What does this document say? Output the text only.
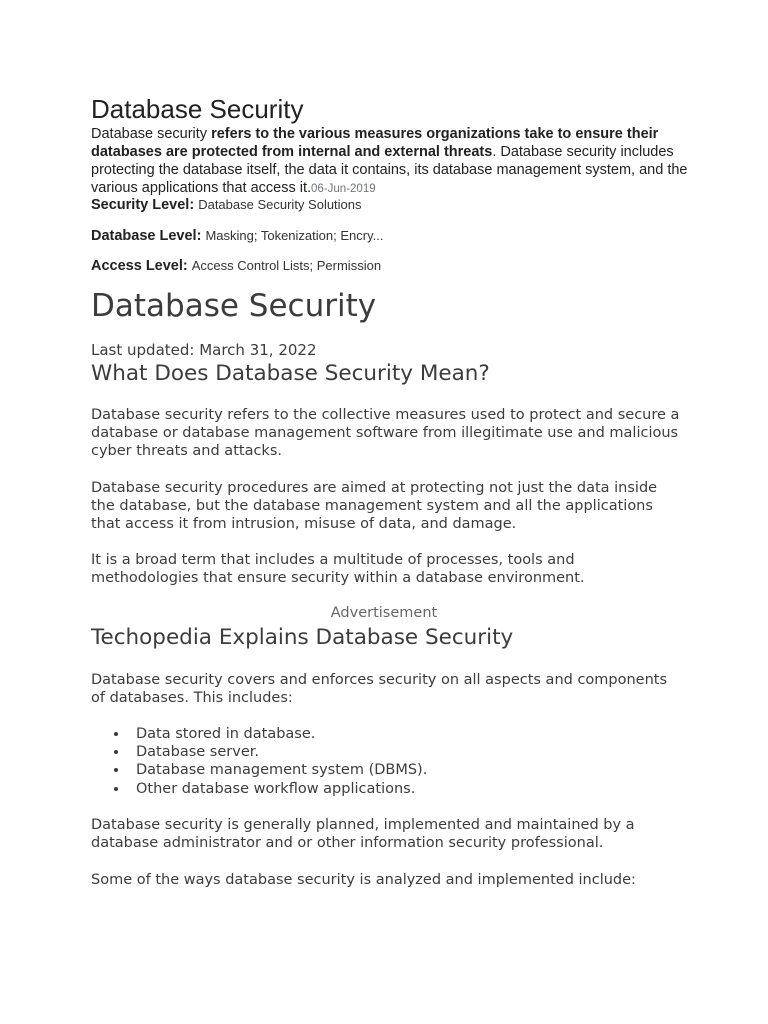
Database Security

Database security refers to the various measures organizations take to ensure their databases are protected from internal and external threats. Database security includes protecting the database itself, the data it contains, its database management system, and the various applications that access it.06-Jun-2019

Security Level: Database Security Solutions
Database Level: Masking; Tokenization; Encry...
Access Level: Access Control Lists; Permission
Database Security
Last updated: March 31, 2022
What Does Database Security Mean?

Database security refers to the collective measures used to protect and secure a database or database management software from illegitimate use and malicious cyber threats and attacks.

Database security procedures are aimed at protecting not just the data inside the database, but the database management system and all the applications that access it from intrusion, misuse of data, and damage.

It is a broad term that includes a multitude of processes, tools and methodologies that ensure security within a database environment.

Advertisement
Techopedia Explains Database Security

Database security covers and enforces security on all aspects and components of databases. This includes:

Data stored in database.
Database server.
Database management system (DBMS).
Other database workflow applications.

Database security is generally planned, implemented and maintained by a database administrator and or other information security professional.

Some of the ways database security is analyzed and implemented include:
